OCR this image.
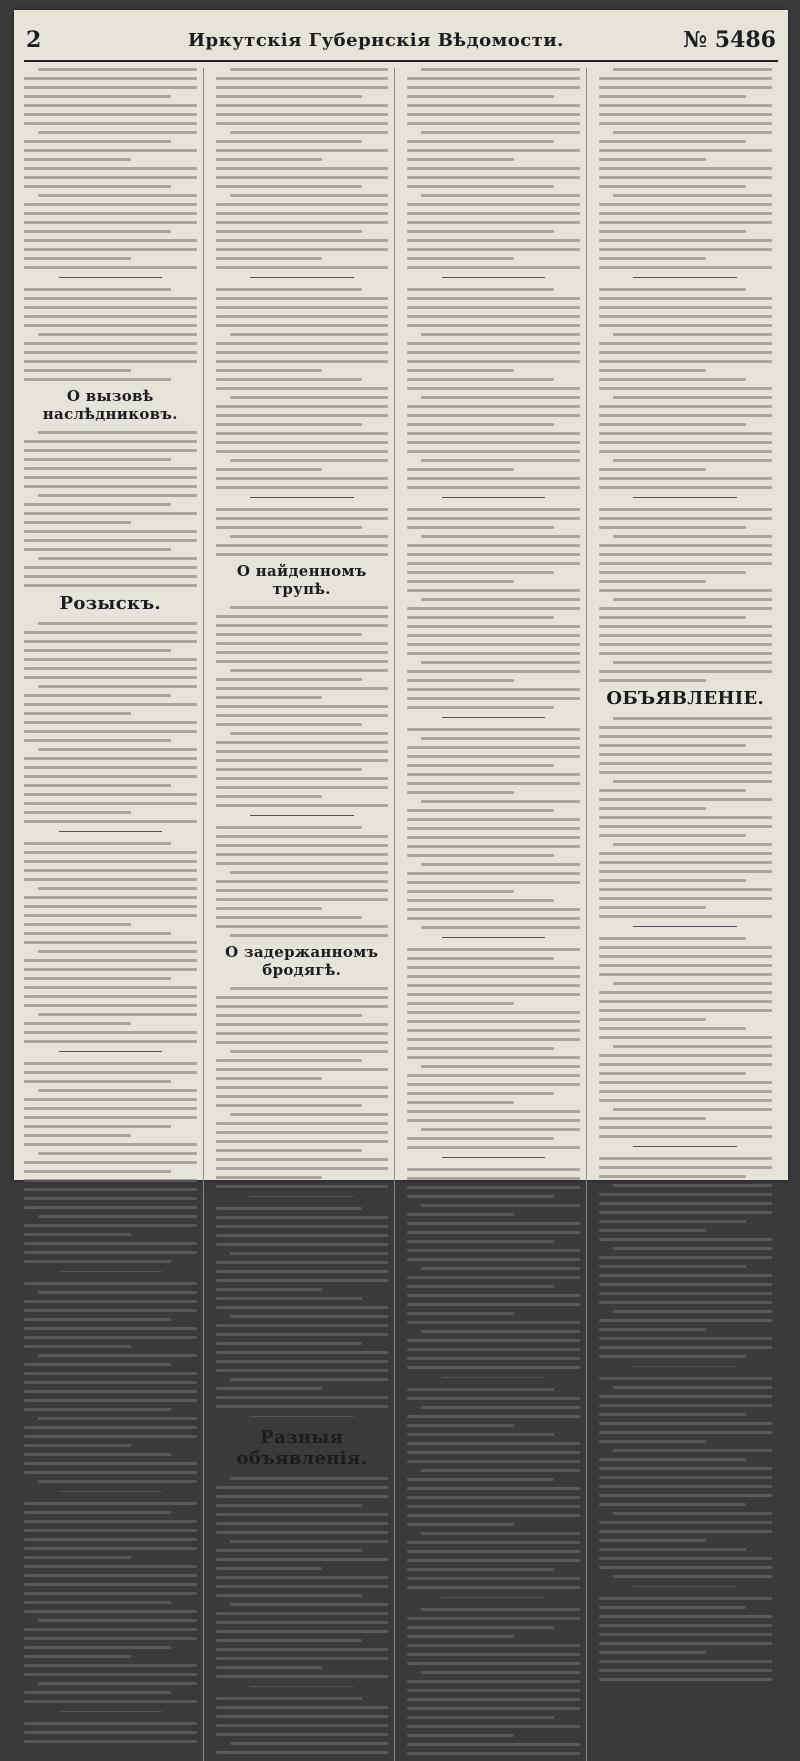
2	Иркутскія Губернскія Вѣдомости.	№ 5486
О вызовѣ наслѣдниковъ.
Розыскъ.
О найденномъ трупѣ.
О задержанномъ бродягѣ.
Разныя объявленія.
ОБЪЯВЛЕНІЕ.
